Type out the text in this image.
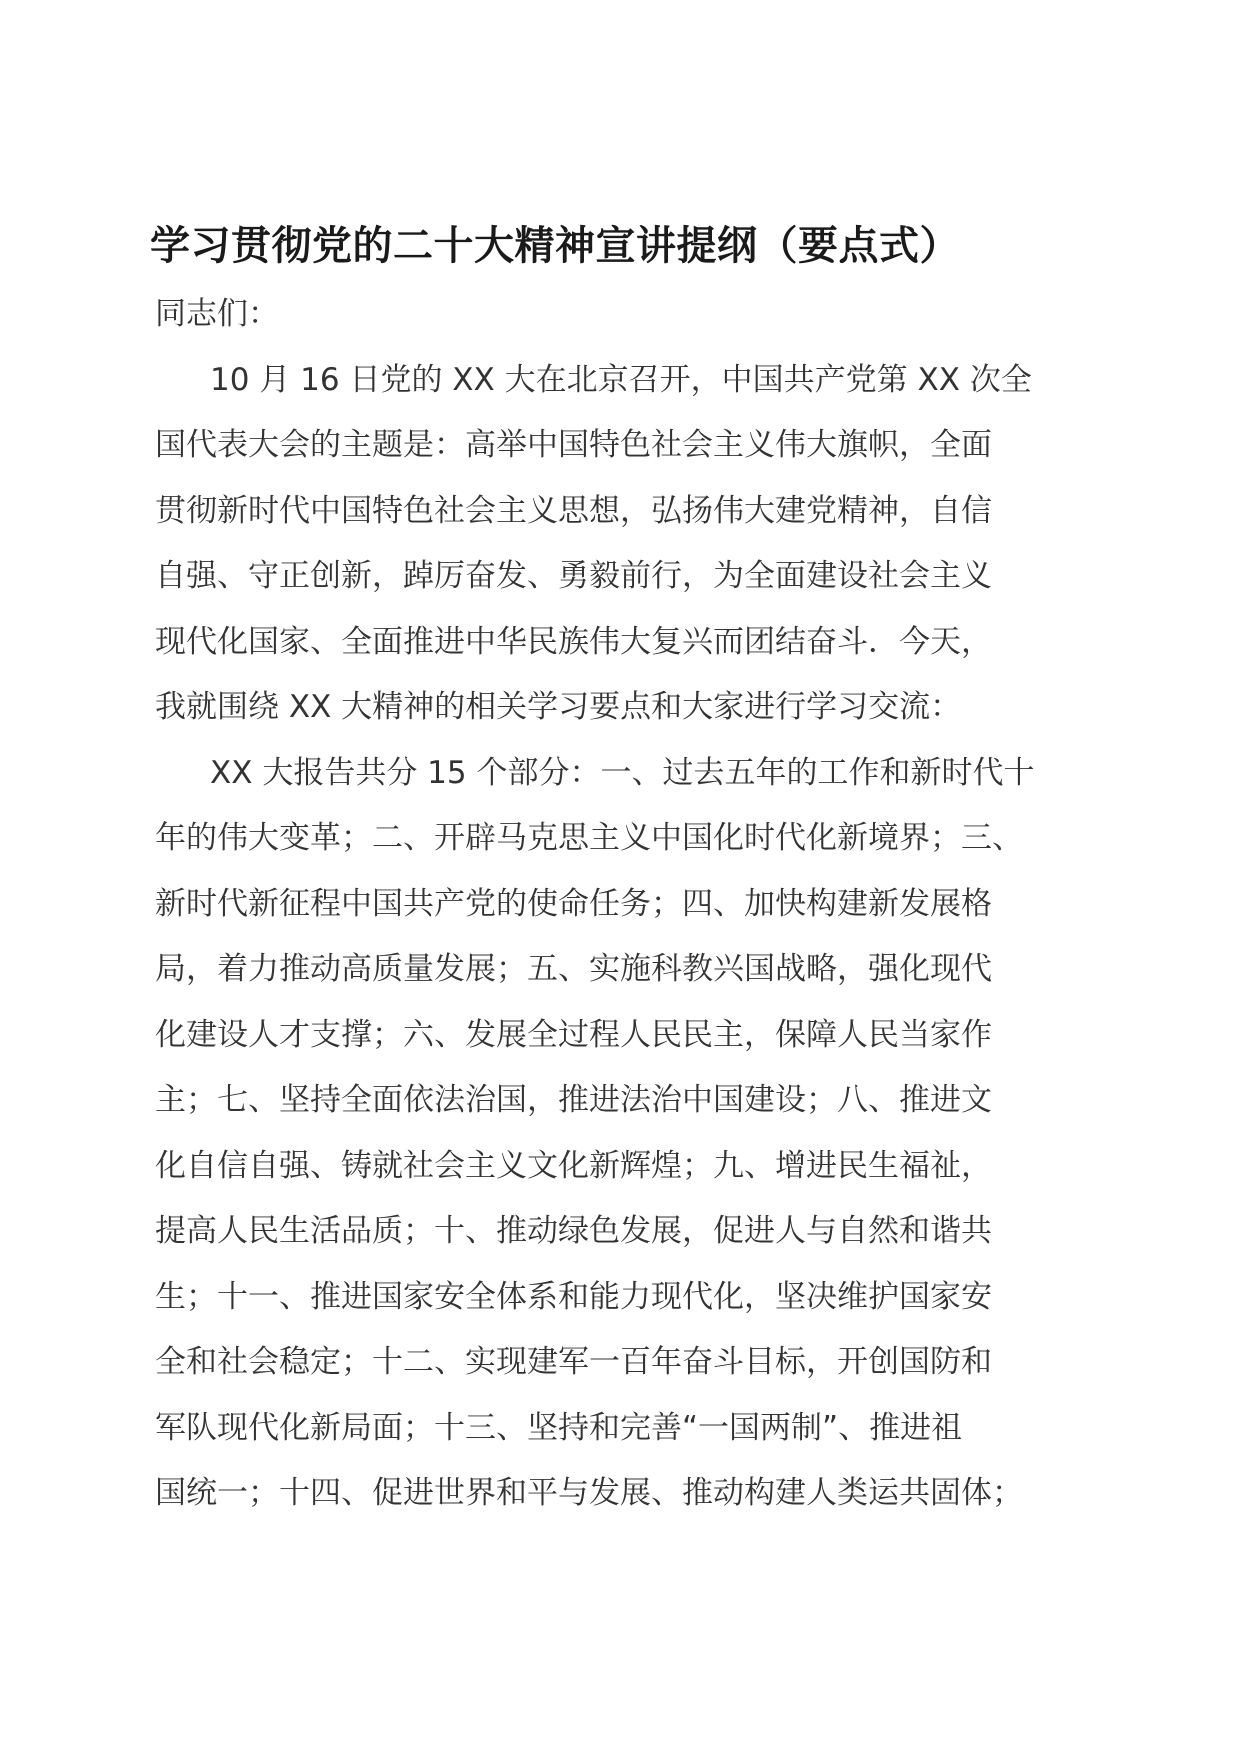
学习贯彻党的二十大精神宣讲提纲（要点式）
同志们：
10 月 16 日党的 XX 大在北京召开，中国共产党第 XX 次全
国代表大会的主题是：高举中国特色社会主义伟大旗帜，全面
贯彻新时代中国特色社会主义思想，弘扬伟大建党精神，自信
自强、守正创新，踔厉奋发、勇毅前行，为全面建设社会主义
现代化国家、全面推进中华民族伟大复兴而团结奋斗．今天，
我就围绕 XX 大精神的相关学习要点和大家进行学习交流：
XX 大报告共分 15 个部分：一、过去五年的工作和新时代十
年的伟大变革；二、开辟马克思主义中国化时代化新境界；三、
新时代新征程中国共产党的使命任务；四、加快构建新发展格
局，着力推动高质量发展；五、实施科教兴国战略，强化现代
化建设人才支撑；六、发展全过程人民民主，保障人民当家作
主；七、坚持全面依法治国，推进法治中国建设；八、推进文
化自信自强、铸就社会主义文化新辉煌；九、增进民生福祉，
提高人民生活品质；十、推动绿色发展，促进人与自然和谐共
生；十一、推进国家安全体系和能力现代化，坚决维护国家安
全和社会稳定；十二、实现建军一百年奋斗目标，开创国防和
军队现代化新局面；十三、坚持和完善“一国两制”、推进祖
国统一；十四、促进世界和平与发展、推动构建人类运共固体；
